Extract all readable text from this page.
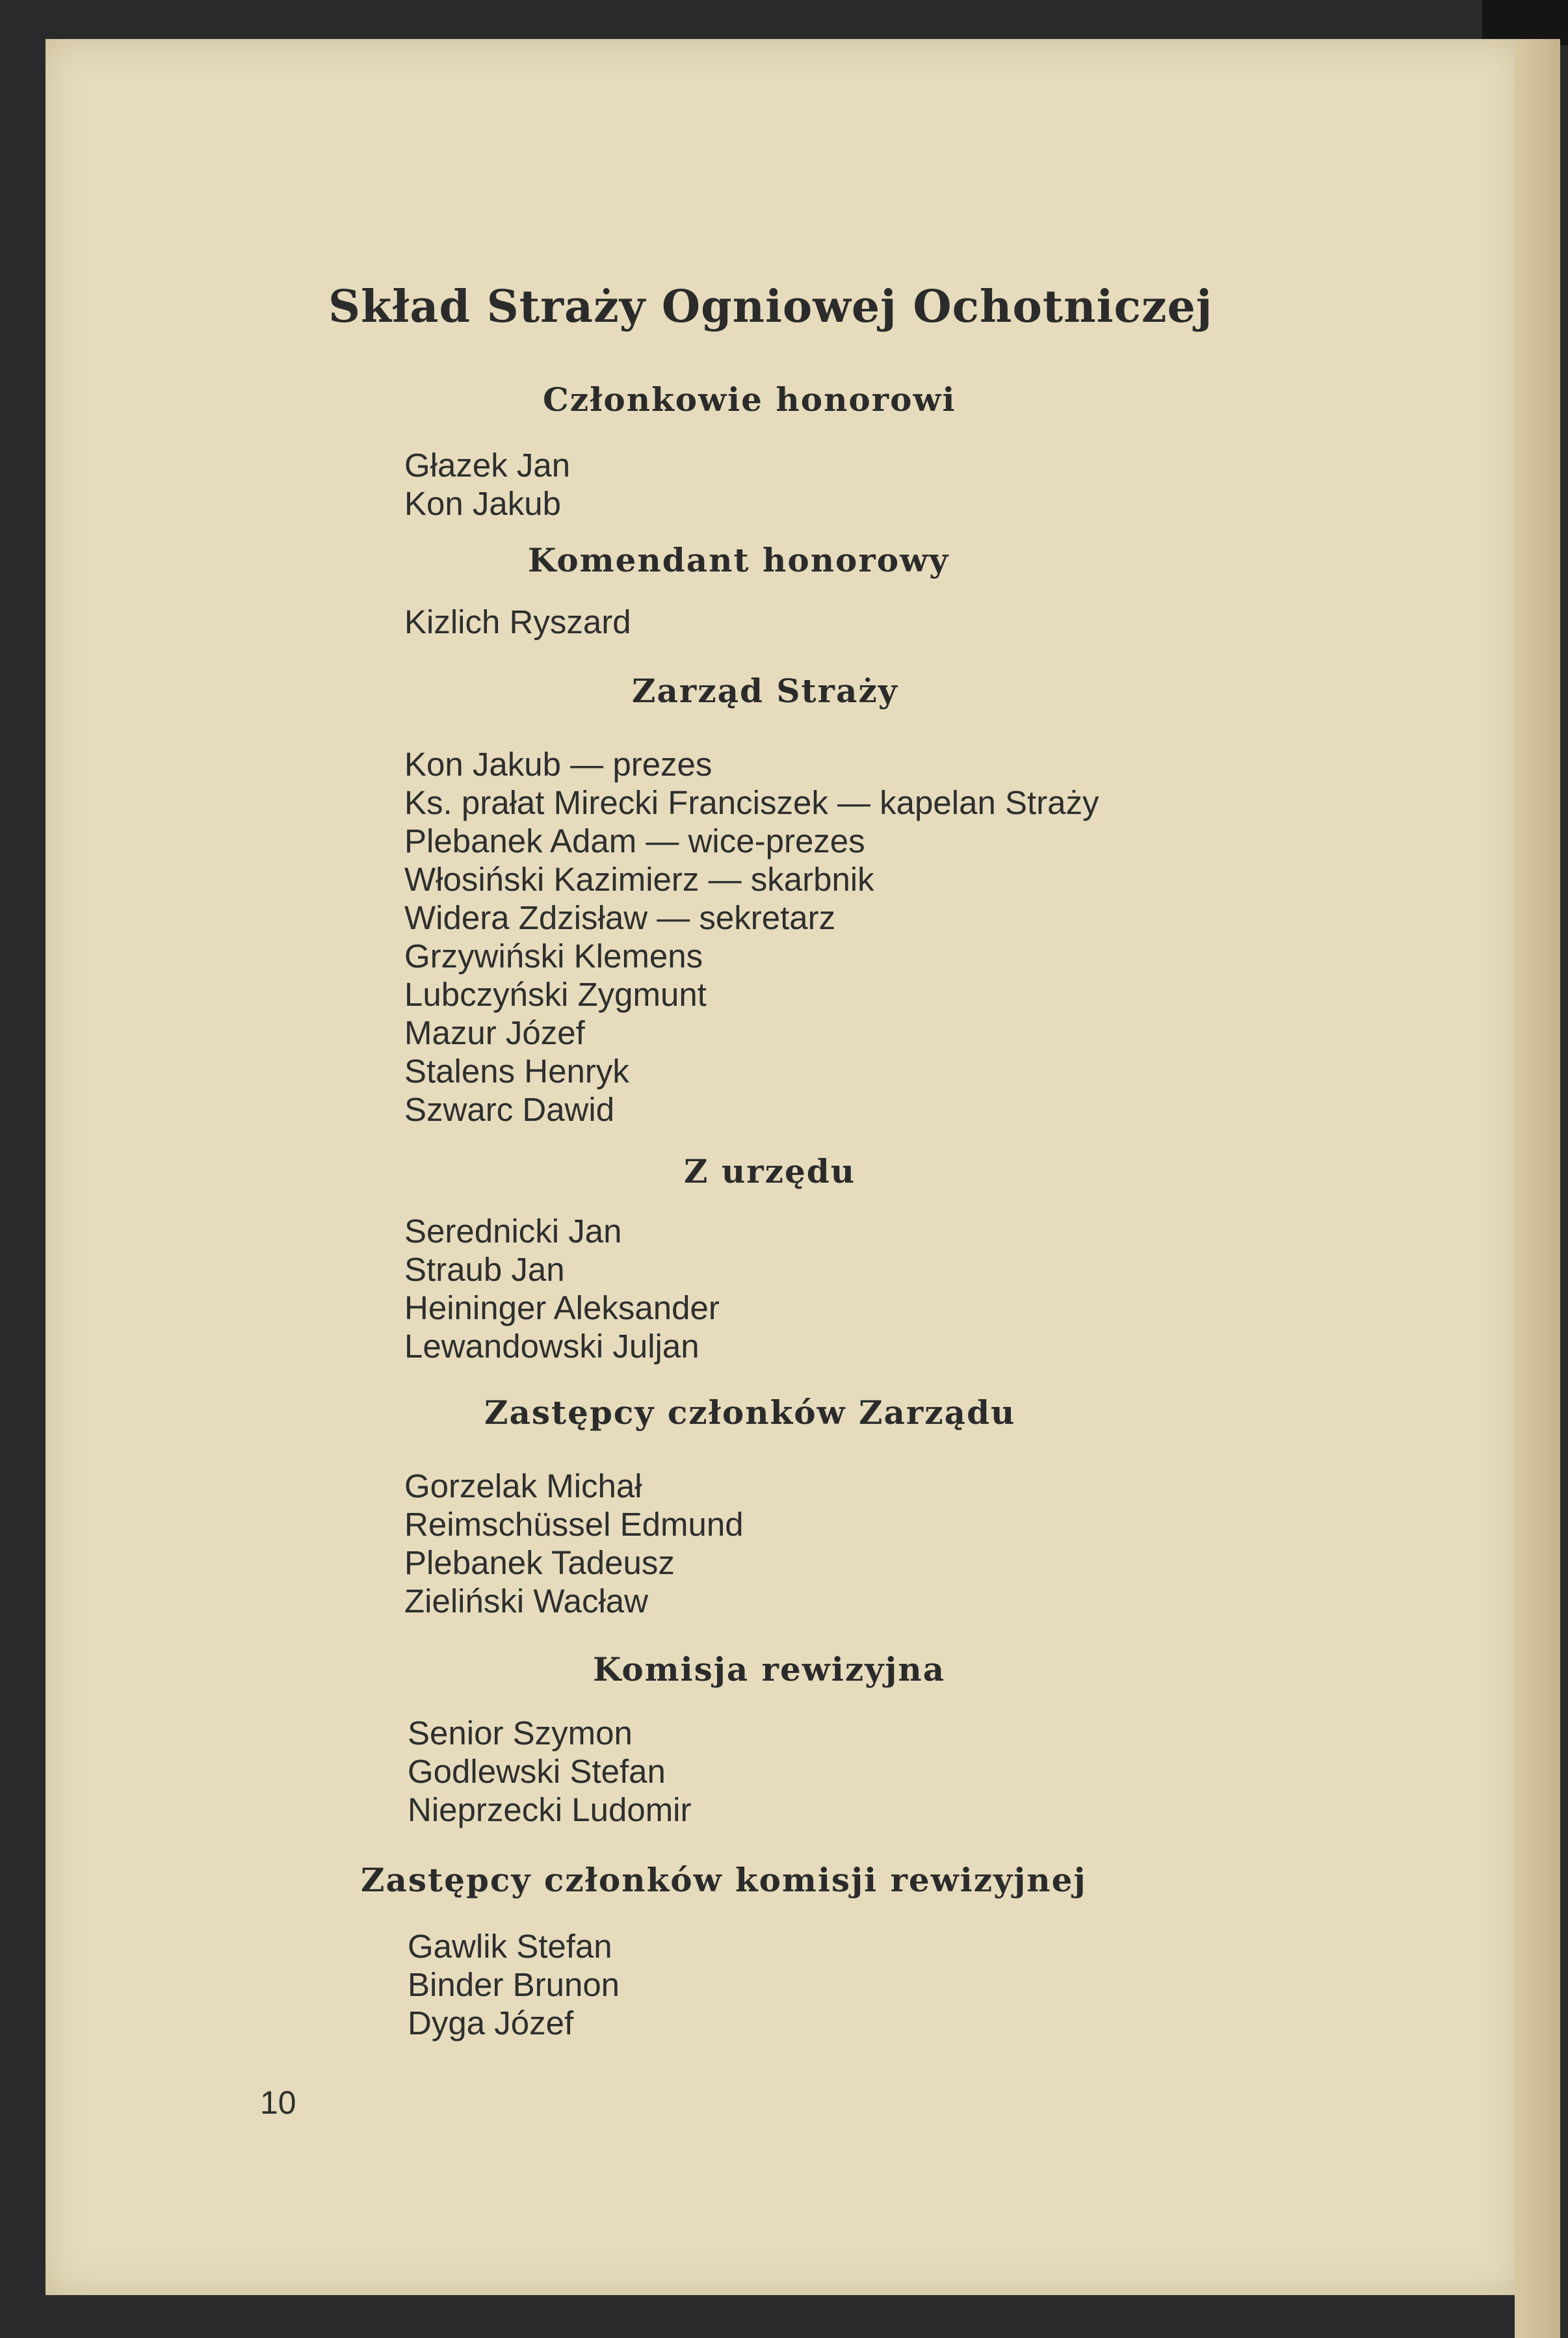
Skład Straży Ogniowej Ochotniczej
Członkowie honorowi
Głazek Jan
Kon Jakub
Komendant honorowy
Kizlich Ryszard
Zarząd Straży
Kon Jakub — prezes
Ks. prałat Mirecki Franciszek — kapelan Straży
Plebanek Adam — wice-prezes
Włosiński Kazimierz — skarbnik
Widera Zdzisław — sekretarz
Grzywiński Klemens
Lubczyński Zygmunt
Mazur Józef
Stalens Henryk
Szwarc Dawid
Z urzędu
Serednicki Jan
Straub Jan
Heininger Aleksander
Lewandowski Juljan
Zastępcy członków Zarządu
Gorzelak Michał
Reimschüssel Edmund
Plebanek Tadeusz
Zieliński Wacław
Komisja rewizyjna
Senior Szymon
Godlewski Stefan
Nieprzecki Ludomir
Zastępcy członków komisji rewizyjnej
Gawlik Stefan
Binder Brunon
Dyga Józef
10
